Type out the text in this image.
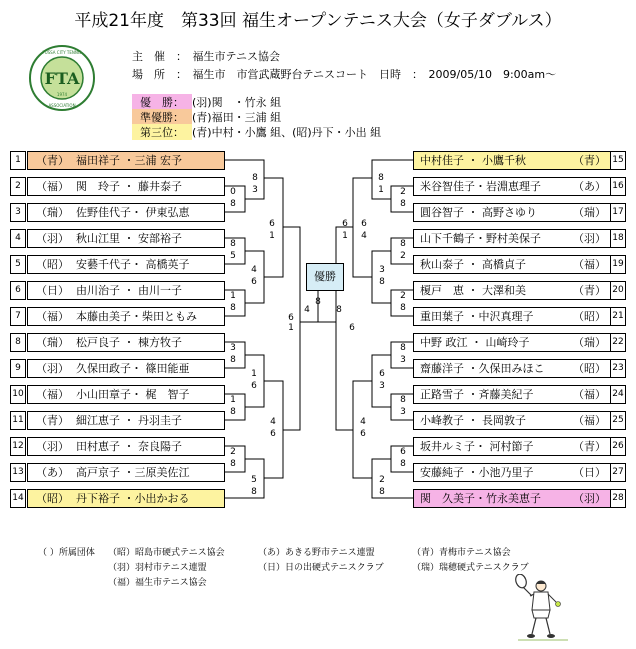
平成21年度　第33回 福生オープンテニス大会（女子ダブルス）
FTA
FUSSA CITY TENNIS
ASSOCIATION
1974
主　催　：　福生市テニス協会
場　所　：　福生市　市営武蔵野台テニスコート　日時　：　2009/05/10　9:00am〜
優　勝： (羽)関　・竹永 組
準優勝： (青)福田・三浦 組
第三位： (青)中村・小鷹 組、(昭)丹下・小出 組
8
3
0
8
8
5
1
8
3
8
1
8
2
8
6
1
4
6
1
6
5
8
6
1
4
6
4
8
8
6
8
1 2
8
8
2
2
8
8
3
8
3
6
8
6
4
3
8
6
3
2
8
6
1
4
6
優勝
1	（青） 福田祥子 ・三浦 宏予
2	（福） 関　玲子 ・ 藤井泰子
3	（瑞） 佐野佳代子・ 伊東弘恵
4	（羽） 秋山江里 ・ 安部裕子
5	（昭） 安藝千代子・ 高橋英子
6	（日） 由川治子 ・ 由川一子
7	（福） 本藤由美子・柴田ともみ
8	（瑞） 松戸良子 ・ 棟方牧子
9	（羽） 久保田政子・ 篠田能亜
10 （福） 小山田章子・ 梶　智子
11 （青） 細江恵子 ・ 丹羽圭子
12 （羽） 田村恵子 ・ 奈良陽子
13 （あ） 高戸京子 ・三原美佐江
14 （昭） 丹下裕子 ・小出かおる
中村佳子 ・ 小鷹千秋	（青） 15
米谷智佳子・岩淵恵理子	（あ） 16
圓谷智子 ・ 高野さゆり	（瑞） 17
山下千鶴子・野村美保子	（羽） 18
秋山泰子 ・ 高橋貞子	（福） 19
榎戸　恵 ・ 大澤和美	（青） 20
重田葉子 ・中沢真理子	（昭） 21
中野 政江 ・ 山崎玲子	（瑞） 22
齋藤洋子 ・久保田みほこ	（昭） 23
正路雪子 ・斉藤美紀子	（福） 24
小峰教子 ・ 長岡敦子	（福） 25
坂井ルミ子・ 河村節子	（青） 26
安藤純子 ・小池乃里子	（日） 27
関　久美子・竹永美恵子	（羽） 28
（ ）所属団体 （昭）昭島市硬式テニス協会	（あ）あきる野市テニス連盟	（青）青梅市テニス協会
（羽）羽村市テニス連盟	（日）日の出硬式テニスクラブ	（瑞）瑞穂硬式テニスクラブ
（福）福生市テニス協会
